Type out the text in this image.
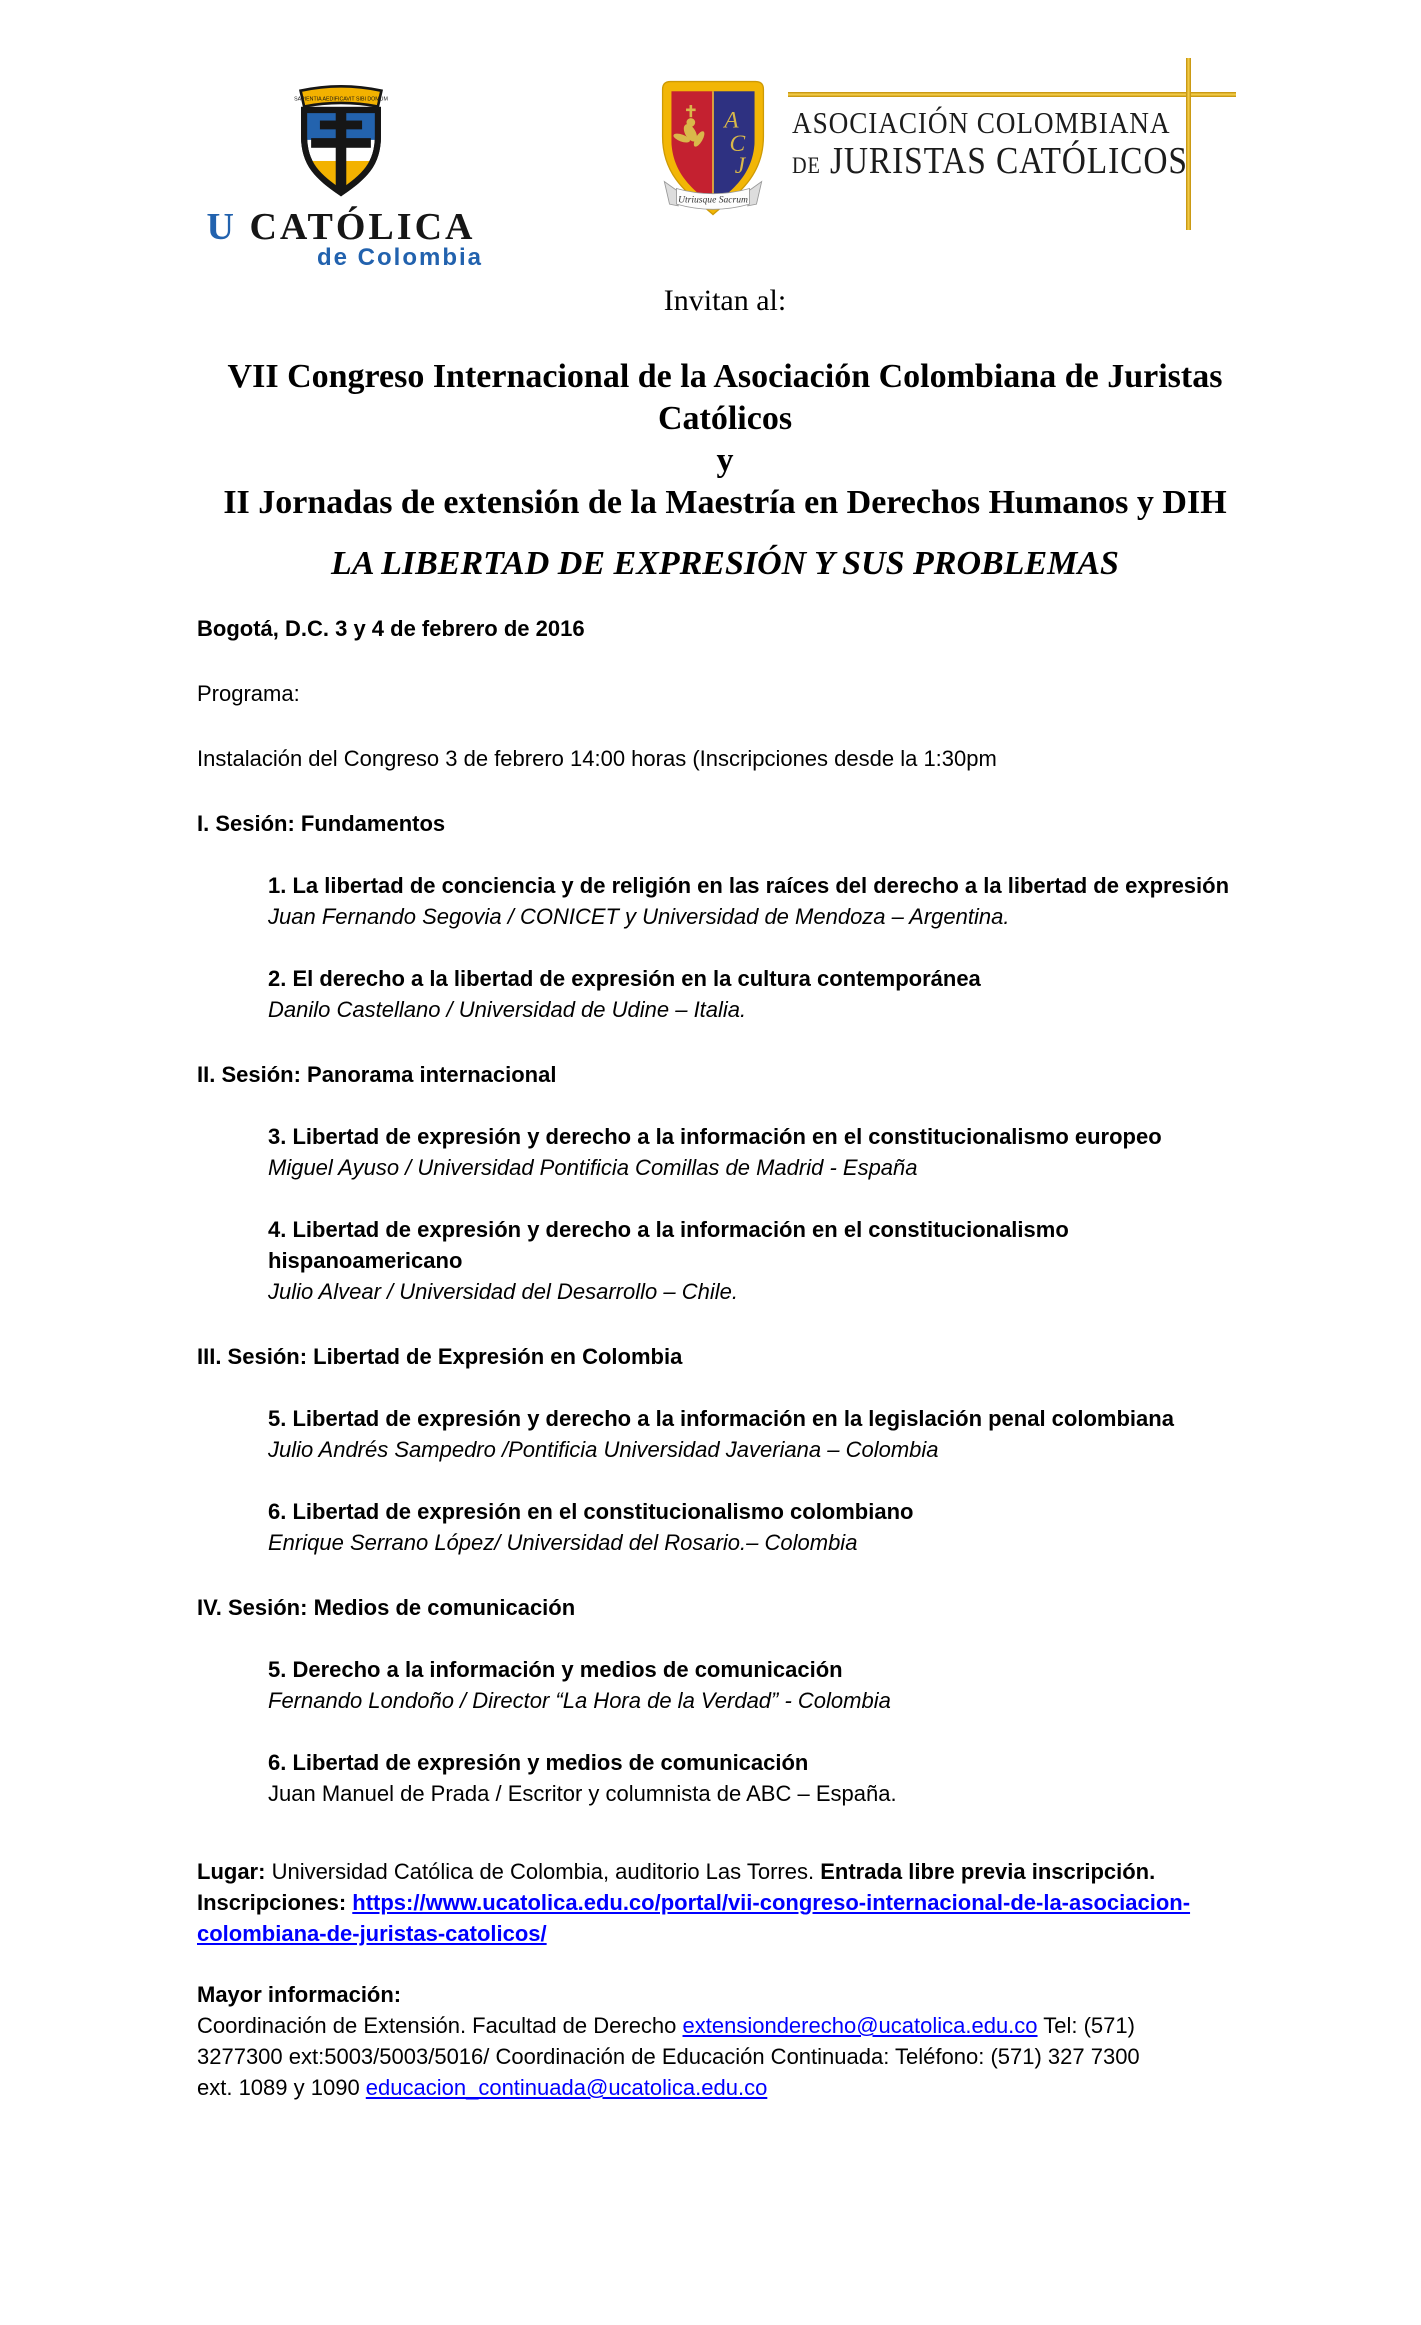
SAPIENTIA AEDIFICAVIT SIBI DOMUM
U CATÓLICA
de Colombia
A
C
J
Utriusque Sacrum
ASOCIACIÓN COLOMBIANA
DE JURISTAS CATÓLICOS
Invitan al:
VII Congreso Internacional de la Asociación Colombiana de Juristas Católicos
y
II Jornadas de extensión de la Maestría en Derechos Humanos y DIH
LA LIBERTAD DE EXPRESIÓN Y SUS PROBLEMAS
Bogotá, D.C. 3 y 4 de febrero de 2016
Programa:
Instalación del Congreso 3 de febrero 14:00 horas (Inscripciones desde la 1:30pm
I. Sesión: Fundamentos
1. La libertad de conciencia y de religión en las raíces del derecho a la libertad de expresión
Juan Fernando Segovia / CONICET y Universidad de Mendoza – Argentina.
2. El derecho a la libertad de expresión en la cultura contemporánea
Danilo Castellano / Universidad de Udine – Italia.
II. Sesión: Panorama internacional
3. Libertad de expresión y derecho a la información en el constitucionalismo europeo
Miguel Ayuso / Universidad Pontificia Comillas de Madrid - España
4. Libertad de expresión y derecho a la información en el constitucionalismo hispanoamericano
Julio Alvear / Universidad del Desarrollo – Chile.
III. Sesión: Libertad de Expresión en Colombia
5. Libertad de expresión y derecho a la información en la legislación penal colombiana
Julio Andrés Sampedro /Pontificia Universidad Javeriana – Colombia
6. Libertad de expresión en el constitucionalismo colombiano
Enrique Serrano López/ Universidad del Rosario.– Colombia
IV. Sesión: Medios de comunicación
5. Derecho a la información y medios de comunicación
Fernando Londoño / Director “La Hora de la Verdad” - Colombia
6. Libertad de expresión y medios de comunicación
Juan Manuel de Prada / Escritor y columnista de ABC – España.
Lugar: Universidad Católica de Colombia, auditorio Las Torres. Entrada libre previa inscripción.
Inscripciones: https://www.ucatolica.edu.co/portal/vii-congreso-internacional-de-la-asociacion-
colombiana-de-juristas-catolicos/
Mayor información:
Coordinación de Extensión. Facultad de Derecho extensionderecho@ucatolica.edu.co Tel: (571)
3277300 ext:5003/5003/5016/ Coordinación de Educación Continuada: Teléfono: (571) 327 7300
ext. 1089 y 1090 educacion_continuada@ucatolica.edu.co
